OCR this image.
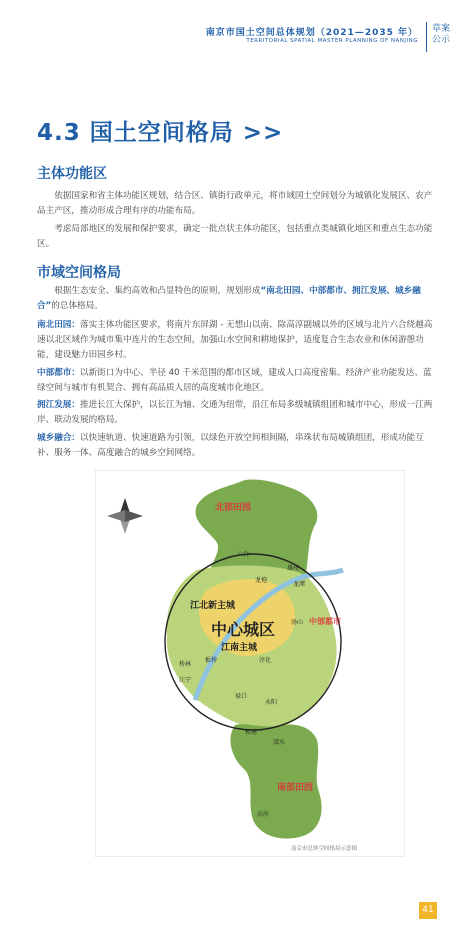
南京市国土空间总体规划（2021—2035 年）
TERRITORIAL SPATIAL MASTER PLANNING OF NANJING
草案
公示
4.3 国土空间格局 >>
主体功能区
依据国家和省主体功能区规划，结合区、镇街行政单元，将市域国土空间划分为城镇化发展区、农产品主产区，推动形成合理有序的功能布局。
考虑局部地区的发展和保护要求，确定一批点状主体功能区，包括重点类城镇化地区和重点生态功能区。
市域空间格局
根据生态安全、集约高效和凸显特色的原则，规划形成“南北田园、中部都市、拥江发展、城乡融合”的总体格局。
南北田园：落实主体功能区要求，将南片东屏湖 - 无想山以南、除高淳副城以外的区域与北片六合绕越高速以北区域作为城市集中连片的生态空间，加强山水空间和耕地保护，适度复合生态农业和休闲游憩功能，建设魅力田园乡村。
中部都市：以新街口为中心、半径 40 千米范围的都市区域，建成人口高度密集、经济产业功能发达、蓝绿空间与城市有机契合、拥有高品质人居的高度城市化地区。
拥江发展：推进长江大保护，以长江为轴、交通为纽带，沿江布局多级城镇组团和城市中心，形成一江两岸、联动发展的格局。
城乡融合：以快速轨道、快速道路为引领，以绿色开放空间相间隔，串珠状布局城镇组团，形成功能互补、服务一体、高度融合的城乡空间网络。
北部田园
南部田园
中心城区
江北新主城
江南主城
中部都市
六合
龙袍
龙潭
汤山
桥林
板桥
江宁
淳化
禄口
永阳
柘塘
溧水
高淳
雄州
南京市总体空间格局示意图
41
